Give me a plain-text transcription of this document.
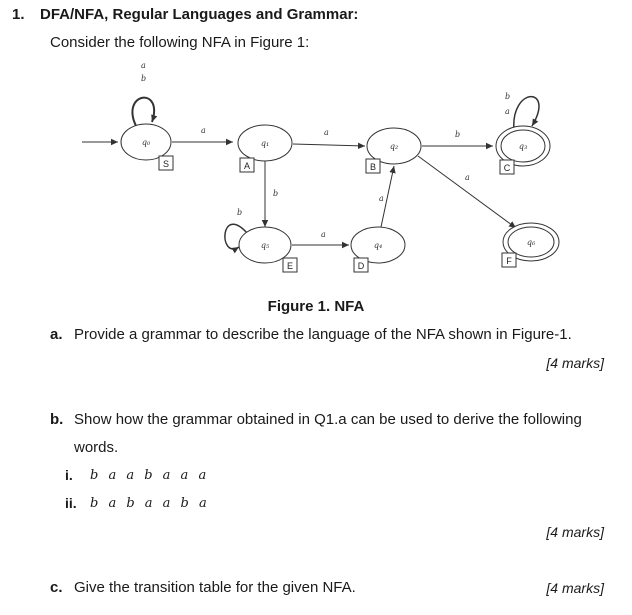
1. DFA/NFA, Regular Languages and Grammar:
Consider the following NFA in Figure 1:
a
b
a	a	b
b
a
a
b
b
a
a
q₀	q₁	q₂	q₃
q₄
q₅	q₆
S	A	B	C
D
E	F
Figure 1. NFA
a. Provide a grammar to describe the language of the NFA shown in Figure-1.
[4 marks]
b. Show how the grammar obtained in Q1.a can be used to derive the following
words.
i. b a a b a a a
ii. b a b a a b a
[4 marks]
c. Give the transition table for the given NFA.	[4 marks]
